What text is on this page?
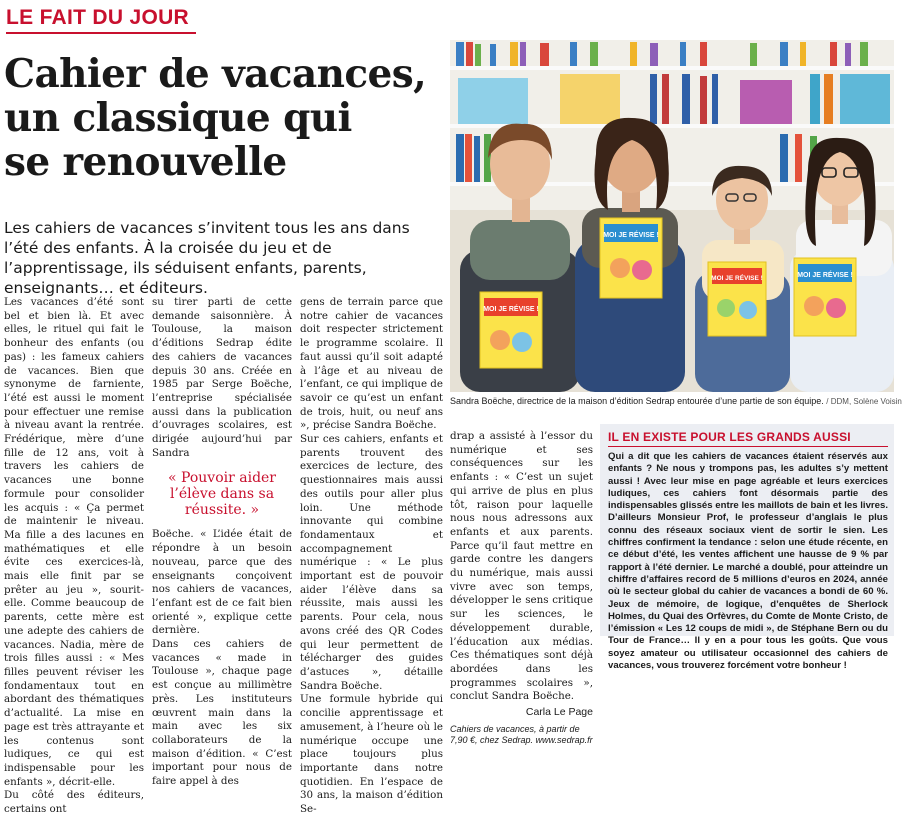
LE FAIT DU JOUR
Cahier de vacances,
un classique qui
se renouvelle

Les cahiers de vacances s’invitent tous les ans dans l’été des enfants. À la croisée du jeu et de l’apprentissage, ils séduisent enfants, parents, enseignants… et éditeurs.

Les vacances d’été sont bel et bien là. Et avec elles, le rituel qui fait le bonheur des enfants (ou pas) : les fameux cahiers de vacances. Bien que synonyme de farniente, l’été est aussi le moment pour effectuer une remise à niveau avant la rentrée. Frédérique, mère d’une fille de 12 ans, voit à travers les cahiers de vacances une bonne formule pour consolider les acquis : « Ça permet de maintenir le niveau. Ma fille a des lacunes en mathématiques et elle évite ces exercices-là, mais elle finit par se prêter au jeu », sourit-elle. Comme beaucoup de parents, cette mère est une adepte des cahiers de vacances. Nadia, mère de trois filles aussi : « Mes filles peuvent réviser les fondamentaux tout en abordant des thématiques d’actualité. La mise en page est très attrayante et les contenus sont ludiques, ce qui est indispensable pour les enfants », décrit-elle.

Du côté des éditeurs, certains ont

su tirer parti de cette demande saisonnière. À Toulouse, la maison d’éditions Sedrap édite des cahiers de vacances depuis 30 ans. Créée en 1985 par Serge Boëche, l’entreprise spécialisée aussi dans la publication d’ouvrages scolaires, est dirigée aujourd’hui par Sandra

« Pouvoir aider l’élève dans sa réussite. »

Boëche. « L’idée était de répondre à un besoin nouveau, parce que des enseignants conçoivent nos cahiers de vacances, l’enfant est de ce fait bien orienté », explique cette dernière.

Dans ces cahiers de vacances « made in Toulouse », chaque page est conçue au millimètre près. Les instituteurs œuvrent main dans la main avec les six collaborateurs de la maison d’édition. « C’est important pour nous de faire appel à des

gens de terrain parce que notre cahier de vacances doit respecter strictement le programme scolaire. Il faut aussi qu’il soit adapté à l’âge et au niveau de l’enfant, ce qui implique de savoir ce qu’est un enfant de trois, huit, ou neuf ans », précise Sandra Boëche.

Sur ces cahiers, enfants et parents trouvent des exercices de lecture, des questionnaires mais aussi des outils pour aller plus loin. Une méthode innovante qui combine fondamentaux et accompagnement numérique : « Le plus important est de pouvoir aider l’élève dans sa réussite, mais aussi les parents. Pour cela, nous avons créé des QR Codes qui leur permettent de télécharger des guides d’astuces », détaille Sandra Boëche.

Une formule hybride qui concilie apprentissage et amusement, à l’heure où le numérique occupe une place toujours plus importante dans notre quotidien. En l’espace de 30 ans, la maison d’édition Se-

drap a assisté à l’essor du numérique et ses conséquences sur les enfants : « C’est un sujet qui arrive de plus en plus tôt, raison pour laquelle nous nous adressons aux enfants et aux parents. Parce qu’il faut mettre en garde contre les dangers du numérique, mais aussi vivre avec son temps, développer le sens critique sur les sciences, le développement durable, l’éducation aux médias. Ces thématiques sont déjà abordées dans les programmes scolaires », conclut Sandra Boëche.

Carla Le Page
Cahiers de vacances, à partir de 7,90 €, chez Sedrap. www.sedrap.fr
MOI JE RÉVISE !
MOI JE RÉVISE !
MOI JE RÉVISE !	MOI JE RÉVISE !
Sandra Boëche, directrice de la maison d’édition Sedrap entourée d’une partie de son équipe. / DDM, Solène Voisin
IL EN EXISTE POUR LES GRANDS AUSSI

Qui a dit que les cahiers de vacances étaient réservés aux enfants ? Ne nous y trompons pas, les adultes s’y mettent aussi ! Avec leur mise en page agréable et leurs exercices ludiques, ces cahiers font désormais partie des indispensables glissés entre les maillots de bain et les livres. D’ailleurs Monsieur Prof, le professeur d’anglais le plus connu des réseaux sociaux vient de sortir le sien. Les chiffres confirment la tendance : selon une étude récente, en ce début d’été, les ventes affichent une hausse de 9 % par rapport à l’été dernier. Le marché a doublé, pour atteindre un chiffre d’affaires record de 5 millions d’euros en 2024, année où le secteur global du cahier de vacances a bondi de 60 %. Jeux de mémoire, de logique, d’enquêtes de Sherlock Holmes, du Quai des Orfèvres, du Comte de Monte Cristo, de l’émission « Les 12 coups de midi », de Stéphane Bern ou du Tour de France… Il y en a pour tous les goûts. Que vous soyez amateur ou utilisateur occasionnel des cahiers de vacances, vous trouverez forcément votre bonheur !
